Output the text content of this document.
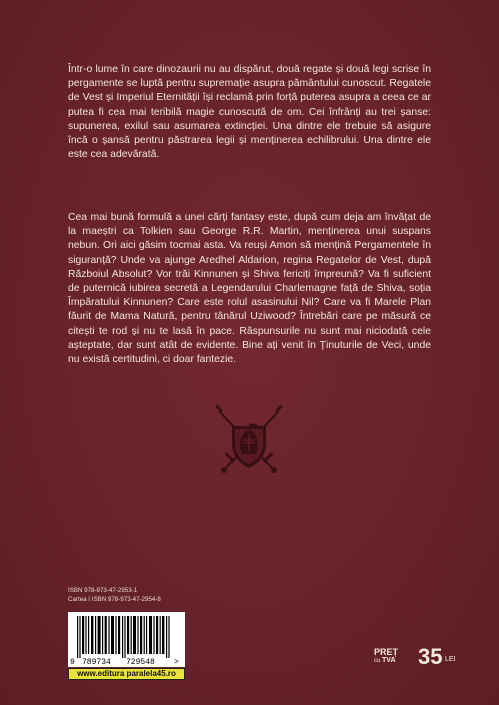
Într-o lume în care dinozaurii nu au dispărut, două regate și două legi scrise în pergamente se luptă pentru supremație asupra pământului cunoscut. Regatele de Vest și Imperiul Eternității își reclamă prin forță puterea asupra a ceea ce ar putea fi cea mai teribilă magie cunoscută de om. Cei înfrânți au trei șanse: supunerea, exilul sau asumarea extincției. Una dintre ele trebuie să asigure încă o șansă pentru păstrarea legii și menținerea echilibrului. Una dintre ele este cea adevărată.

Cea mai bună formulă a unei cărți fantasy este, după cum deja am învățat de la maeștri ca Tolkien sau George R.R. Martin, menținerea unui suspans nebun. Ori aici găsim tocmai asta. Va reuși Amon să mențină Pergamentele în siguranță? Unde va ajunge Aredhel Aldarion, regina Regatelor de Vest, după Războiul Absolut? Vor trăi Kinnunen și Shiva fericiți împreună? Va fi suficient de puternică iubirea secretă a Legendarului Charlemagne față de Shiva, soția Împăratului Kinnunen? Care este rolul asasinului Nil? Care va fi Marele Plan făurit de Mama Natură, pentru tânărul Uziwood? Întrebări care pe măsură ce citești te rod și nu te lasă în pace. Răspunsurile nu sunt mai niciodată cele așteptate, dar sunt atât de evidente. Bine ați venit în Ținuturile de Veci, unde nu există certitudini, ci doar fantezie.

ISBN 978-973-47-2953-1
Cartea I ISBN 978-973-47-2954-8
9 789734 729548 >
www.editura paralela45.ro
PREȚ
cu TVA 35 LEI
